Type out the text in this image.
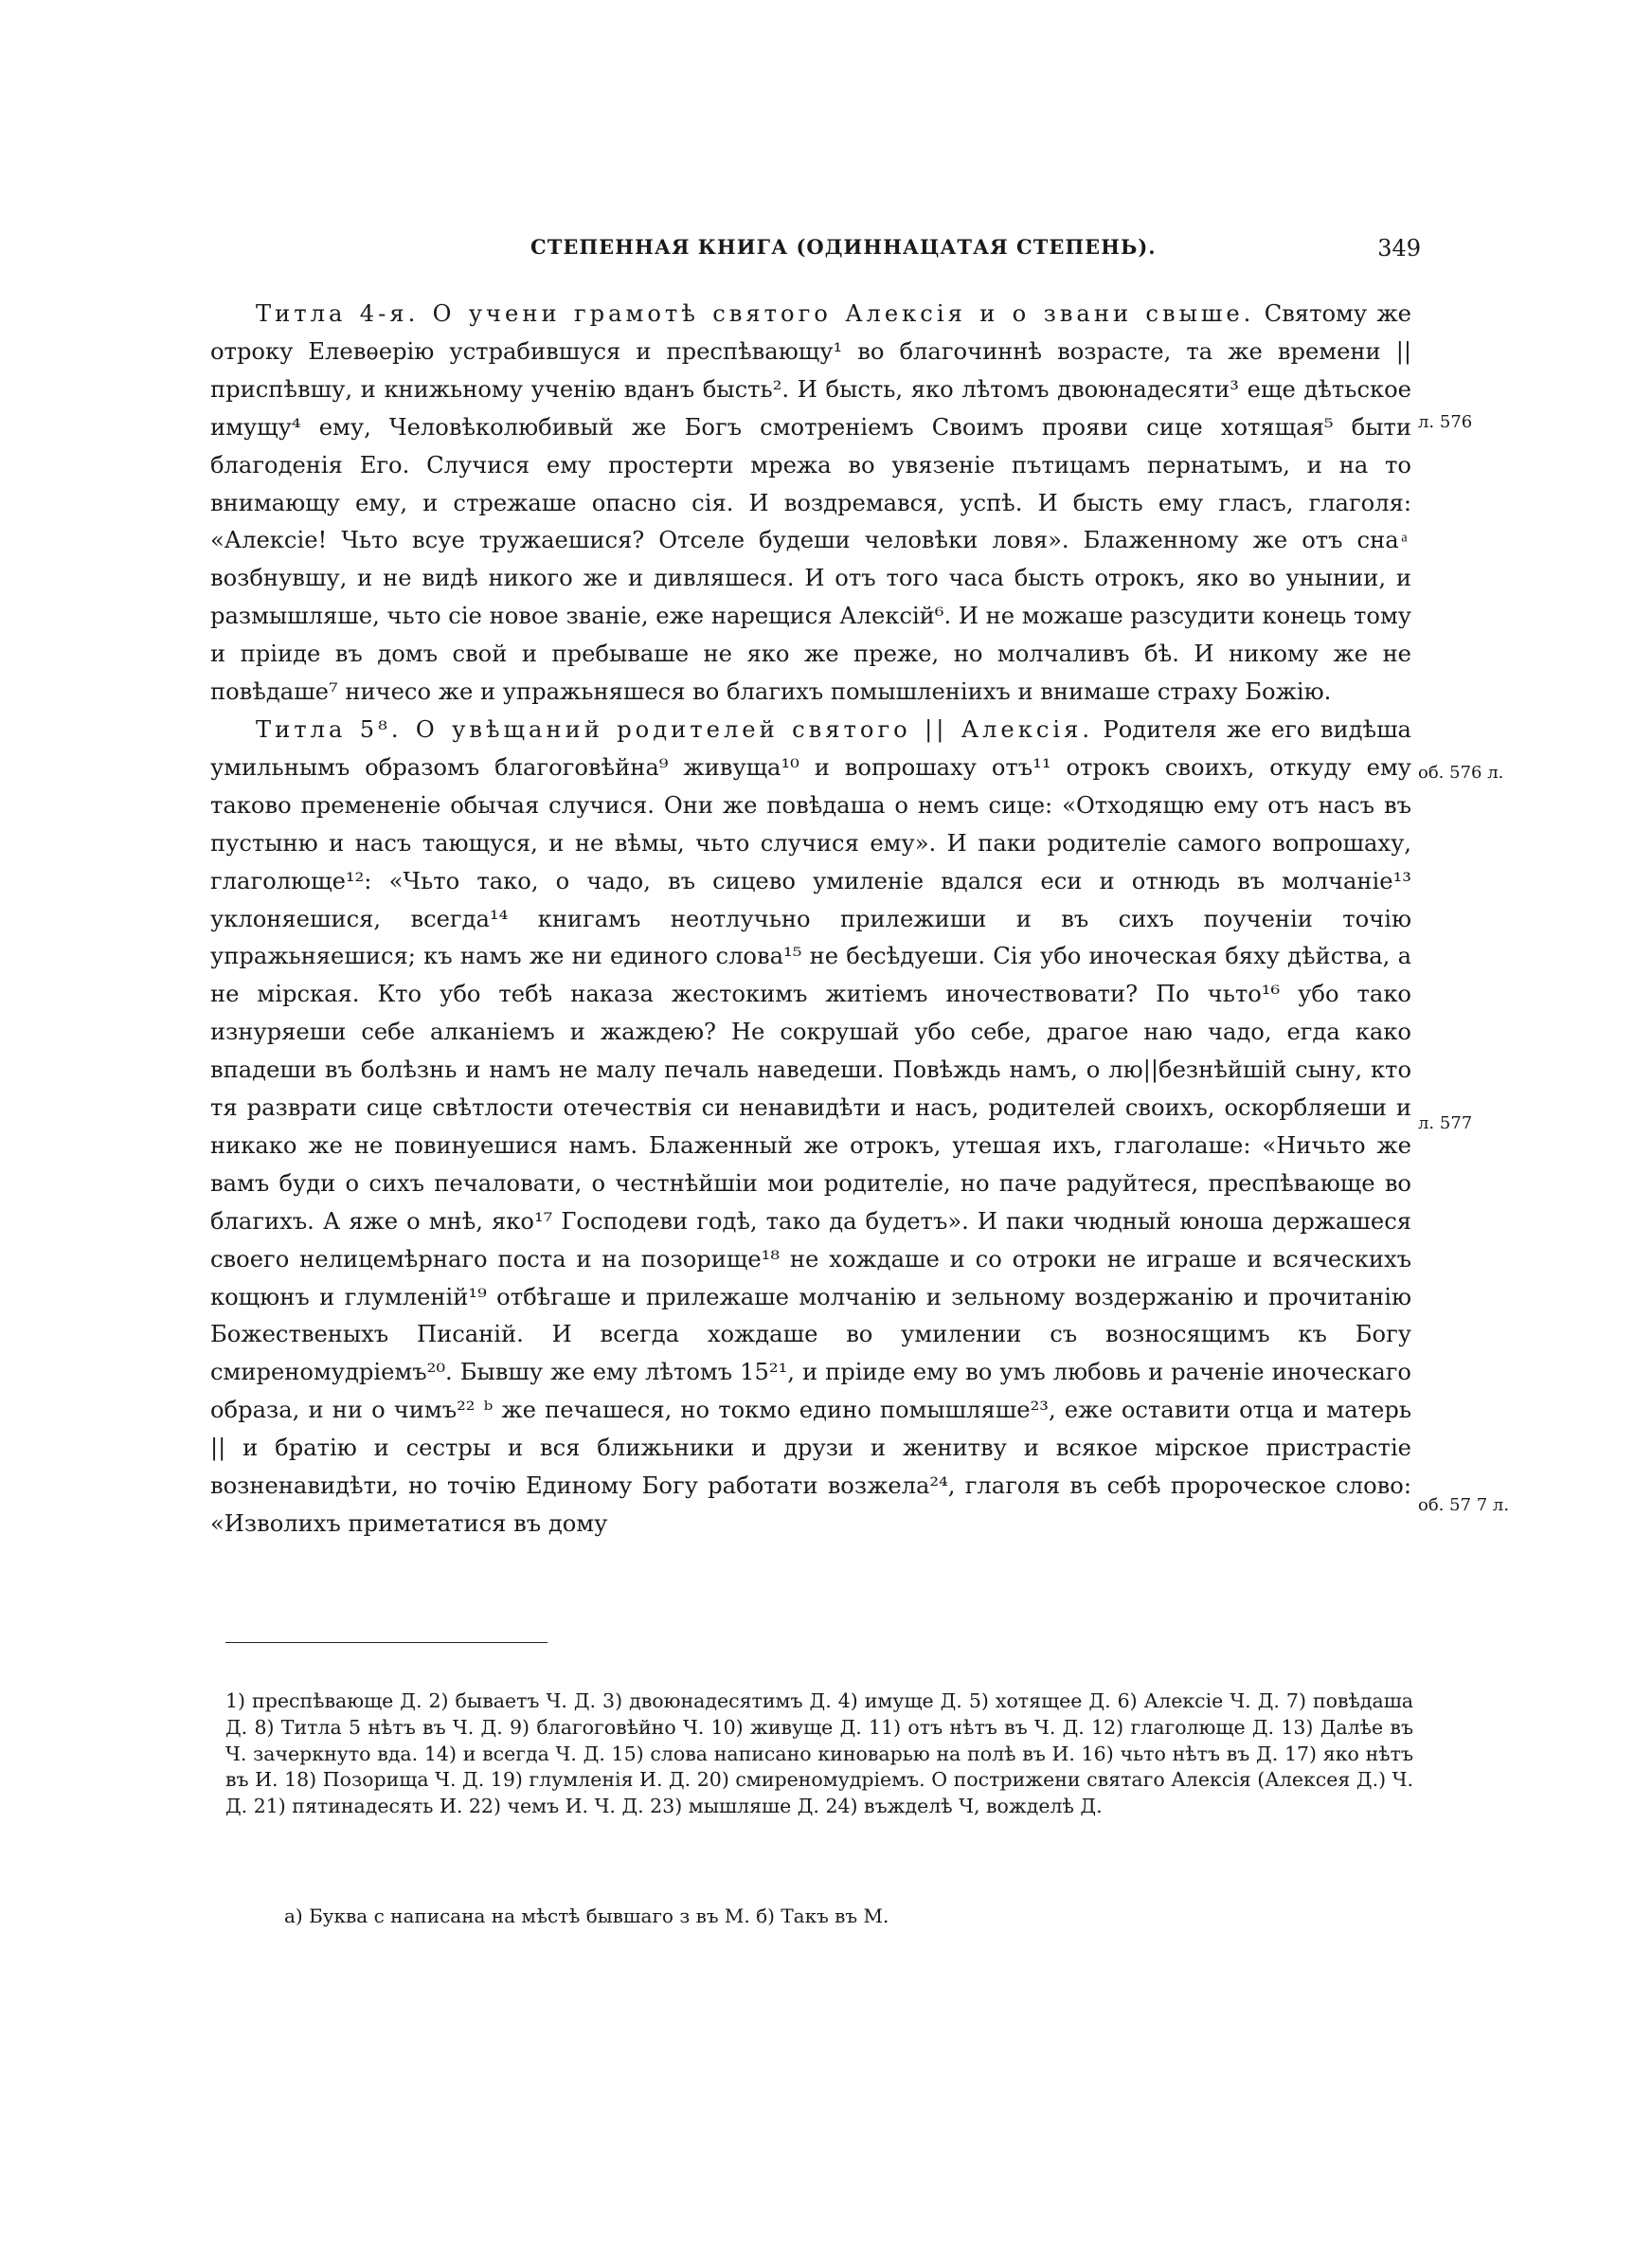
СТЕПЕННАЯ КНИГА (ОДИННАЦАТАЯ СТЕПЕНЬ).	349

Титла 4-я. О учени грамотѣ святого Алексія и о звани свыше. Святому же отроку Елевѳерію устрабившуся и преспѣвающу¹ во благочиннѣ возрасте, та же времени || приспѣвшу, и книжьному ученію вданъ бысть². И бысть, яко лѣтомъ двоюнадесяти³ еще дѣтьское имущу⁴ ему, Человѣколюбивый же Богъ смотреніемъ Своимъ прояви сице хотящая⁵ быти благоденія Его. Случися ему простерти мрежа во увязеніе пътицамъ пернатымъ, и на то внимающу ему, и стрежаше опасно сія. И воздремався, успѣ. И бысть ему гласъ, глаголя: «Алексіе! Чьто всуе тружаешися? Отселе будеши человѣки ловя». Блаженному же отъ сна ͣ возбнувшу, и не видѣ никого же и дивляшеся. И отъ того часа бысть отрокъ, яко во унынии, и размышляше, чьто сіе новое званіе, еже нарещися Алексій⁶. И не можаше разсудити конець тому и пріиде въ домъ свой и пребываше не яко же преже, но молчаливъ бѣ. И никому же не повѣдаше⁷ ничесо же и упражьняшеся во благихъ помышленіихъ и внимаше страху Божію.

Титла 5⁸. О увѣщаний родителей святого || Алексія. Родителя же его видѣша умильнымъ образомъ благоговѣйна⁹ живуща¹⁰ и вопрошаху отъ¹¹ отрокъ своихъ, откуду ему таково премененіе обычая случися. Они же повѣдаша о немъ сице: «Отходящю ему отъ насъ въ пустыню и насъ тающуся, и не вѣмы, чьто случися ему». И паки родителіе самого вопрошаху, глаголюще¹²: «Чьто тако, о чадо, въ сицево умиленіе вдался еси и отнюдь въ молчаніе¹³ уклоняешися, всегда¹⁴ книгамъ неотлучьно прилежиши и въ сихъ поученіи точію упражьняешися; къ намъ же ни единого слова¹⁵ не бесѣдуеши. Сія убо иноческая бяху дѣйства, а не мірская. Кто убо тебѣ наказа жестокимъ житіемъ иночествовати? По чьто¹⁶ убо тако изнуряеши себе алканіемъ и жаждею? Не сокрушай убо себе, драгое наю чадо, егда како впадеши въ болѣзнь и намъ не малу печаль наведеши. Повѣждь намъ, о лю||безнѣйшій сыну, кто тя разврати сице свѣтлости отечествія си ненавидѣти и насъ, родителей своихъ, оскорбляеши и никако же не повинуешися намъ. Блаженный же отрокъ, утешая ихъ, глаголаше: «Ничьто же вамъ буди о сихъ печаловати, о честнѣйшіи мои родителіе, но паче радуйтеся, преспѣвающе во благихъ. А яже о мнѣ, яко¹⁷ Господеви годѣ, тако да будетъ». И паки чюдный юноша держашеся своего нелицемѣрнаго поста и на позорище¹⁸ не хождаше и со отроки не играше и всяческихъ кощюнъ и глумленій¹⁹ отбѣгаше и прилежаше молчанію и зельному воздержанію и прочитанію Божественыхъ Писаній. И всегда хождаше во умилении съ возносящимъ къ Богу смиреномудріемъ²⁰. Бывшу же ему лѣтомъ 15²¹, и пріиде ему во умъ любовь и раченіе иноческаго образа, и ни о чимъ²² ᵇ же печашеся, но токмо едино помышляше²³, еже оставити отца и матерь || и братію и сестры и вся ближьники и друзи и женитву и всякое мірское пристрастіе возненавидѣти, но точію Единому Богу работати возжела²⁴, глаголя въ себѣ пророческое слово: «Изволихъ приметатися въ дому

л. 576
об. 576 л.
л. 577
об. 57 7 л.

1) преспѣвающе Д. 2) бываетъ Ч. Д. 3) двоюнадесятимъ Д. 4) имуще Д. 5) хотящее Д. 6) Алексіе Ч. Д. 7) повѣдаша Д. 8) Титла 5 нѣтъ въ Ч. Д. 9) благоговѣйно Ч. 10) живуще Д. 11) отъ нѣтъ въ Ч. Д. 12) глаголюще Д. 13) Далѣе въ Ч. зачеркнуто вда. 14) и всегда Ч. Д. 15) слова написано киноварью на полѣ въ И. 16) чьто нѣтъ въ Д. 17) яко нѣтъ въ И. 18) Позорища Ч. Д. 19) глумленія И. Д. 20) смиреномудріемъ. О пострижени святаго Алексія (Алексея Д.) Ч. Д. 21) пятинадесять И. 22) чемъ И. Ч. Д. 23) мышляше Д. 24) въжделѣ Ч, вожделѣ Д.

а) Буква с написана на мѣстѣ бывшаго з въ М. б) Такъ въ М.
